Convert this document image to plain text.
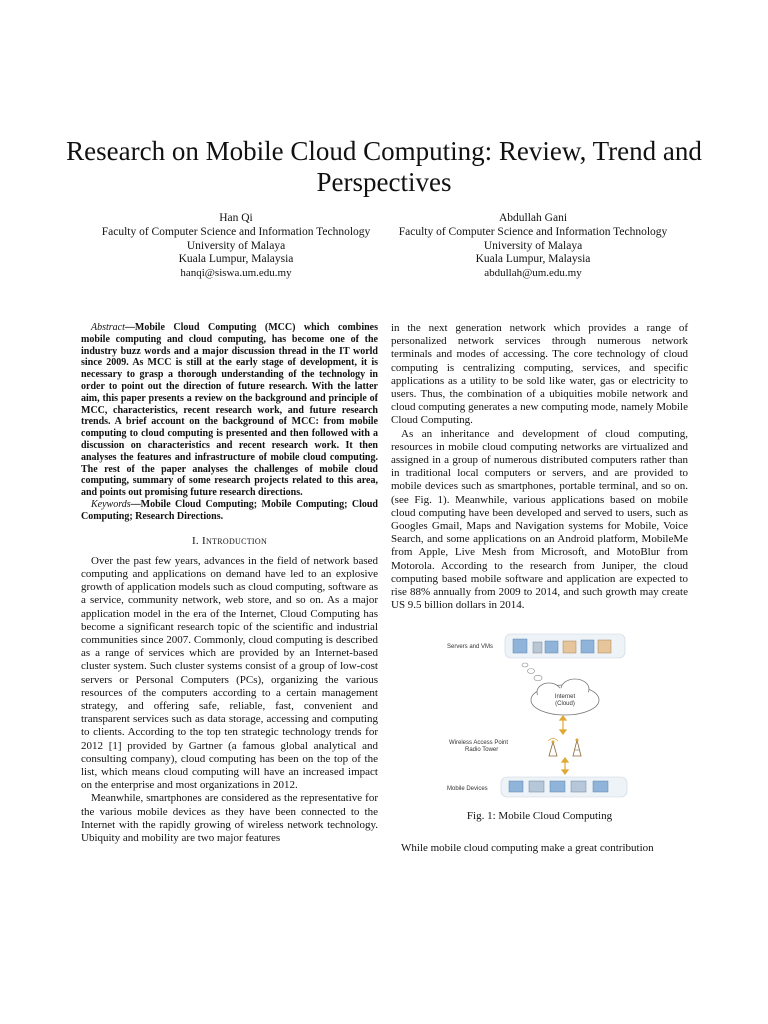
Research on Mobile Cloud Computing: Review, Trend and Perspectives
Han Qi
Faculty of Computer Science and Information Technology
University of Malaya
Kuala Lumpur, Malaysia
hanqi@siswa.um.edu.my
Abdullah Gani
Faculty of Computer Science and Information Technology
University of Malaya
Kuala Lumpur, Malaysia
abdullah@um.edu.my

Abstract—Mobile Cloud Computing (MCC) which combines mobile computing and cloud computing, has become one of the industry buzz words and a major discussion thread in the IT world since 2009. As MCC is still at the early stage of development, it is necessary to grasp a thorough understanding of the technology in order to point out the direction of future research. With the latter aim, this paper presents a review on the background and principle of MCC, characteristics, recent research work, and future research trends. A brief account on the background of MCC: from mobile computing to cloud computing is presented and then followed with a discussion on characteristics and recent research work. It then analyses the features and infrastructure of mobile cloud computing. The rest of the paper analyses the challenges of mobile cloud computing, summary of some research projects related to this area, and points out promising future research directions.

Keywords—Mobile Cloud Computing; Mobile Computing; Cloud Computing; Research Directions.

I. Introduction

Over the past few years, advances in the field of network based computing and applications on demand have led to an explosive growth of application models such as cloud computing, software as a service, community network, web store, and so on. As a major application model in the era of the Internet, Cloud Computing has become a significant research topic of the scientific and industrial communities since 2007. Commonly, cloud computing is described as a range of services which are provided by an Internet-based cluster system. Such cluster systems consist of a group of low-cost servers or Personal Computers (PCs), organizing the various resources of the computers according to a certain management strategy, and offering safe, reliable, fast, convenient and transparent services such as data storage, accessing and computing to clients. According to the top ten strategic technology trends for 2012 [1] provided by Gartner (a famous global analytical and consulting company), cloud computing has been on the top of the list, which means cloud computing will have an increased impact on the enterprise and most organizations in 2012.

Meanwhile, smartphones are considered as the representative for the various mobile devices as they have been connected to the Internet with the rapidly growing of wireless network technology. Ubiquity and mobility are two major features

in the next generation network which provides a range of personalized network services through numerous network terminals and modes of accessing. The core technology of cloud computing is centralizing computing, services, and specific applications as a utility to be sold like water, gas or electricity to users. Thus, the combination of a ubiquities mobile network and cloud computing generates a new computing mode, namely Mobile Cloud Computing.

As an inheritance and development of cloud computing, resources in mobile cloud computing networks are virtualized and assigned in a group of numerous distributed computers rather than in traditional local computers or servers, and are provided to mobile devices such as smartphones, portable terminal, and so on. (see Fig. 1). Meanwhile, various applications based on mobile cloud computing have been developed and served to users, such as Googles Gmail, Maps and Navigation systems for Mobile, Voice Search, and some applications on an Android platform, MobileMe from Apple, Live Mesh from Microsoft, and MotoBlur from Motorola. According to the research from Juniper, the cloud computing based mobile software and application are expected to rise 88% annually from 2009 to 2014, and such growth may create US 9.5 billion dollars in 2014.

Servers and VMs
Internet
(Cloud)
Wireless Access Point
Radio Tower
Mobile Devices
Fig. 1: Mobile Cloud Computing

While mobile cloud computing make a great contribution
